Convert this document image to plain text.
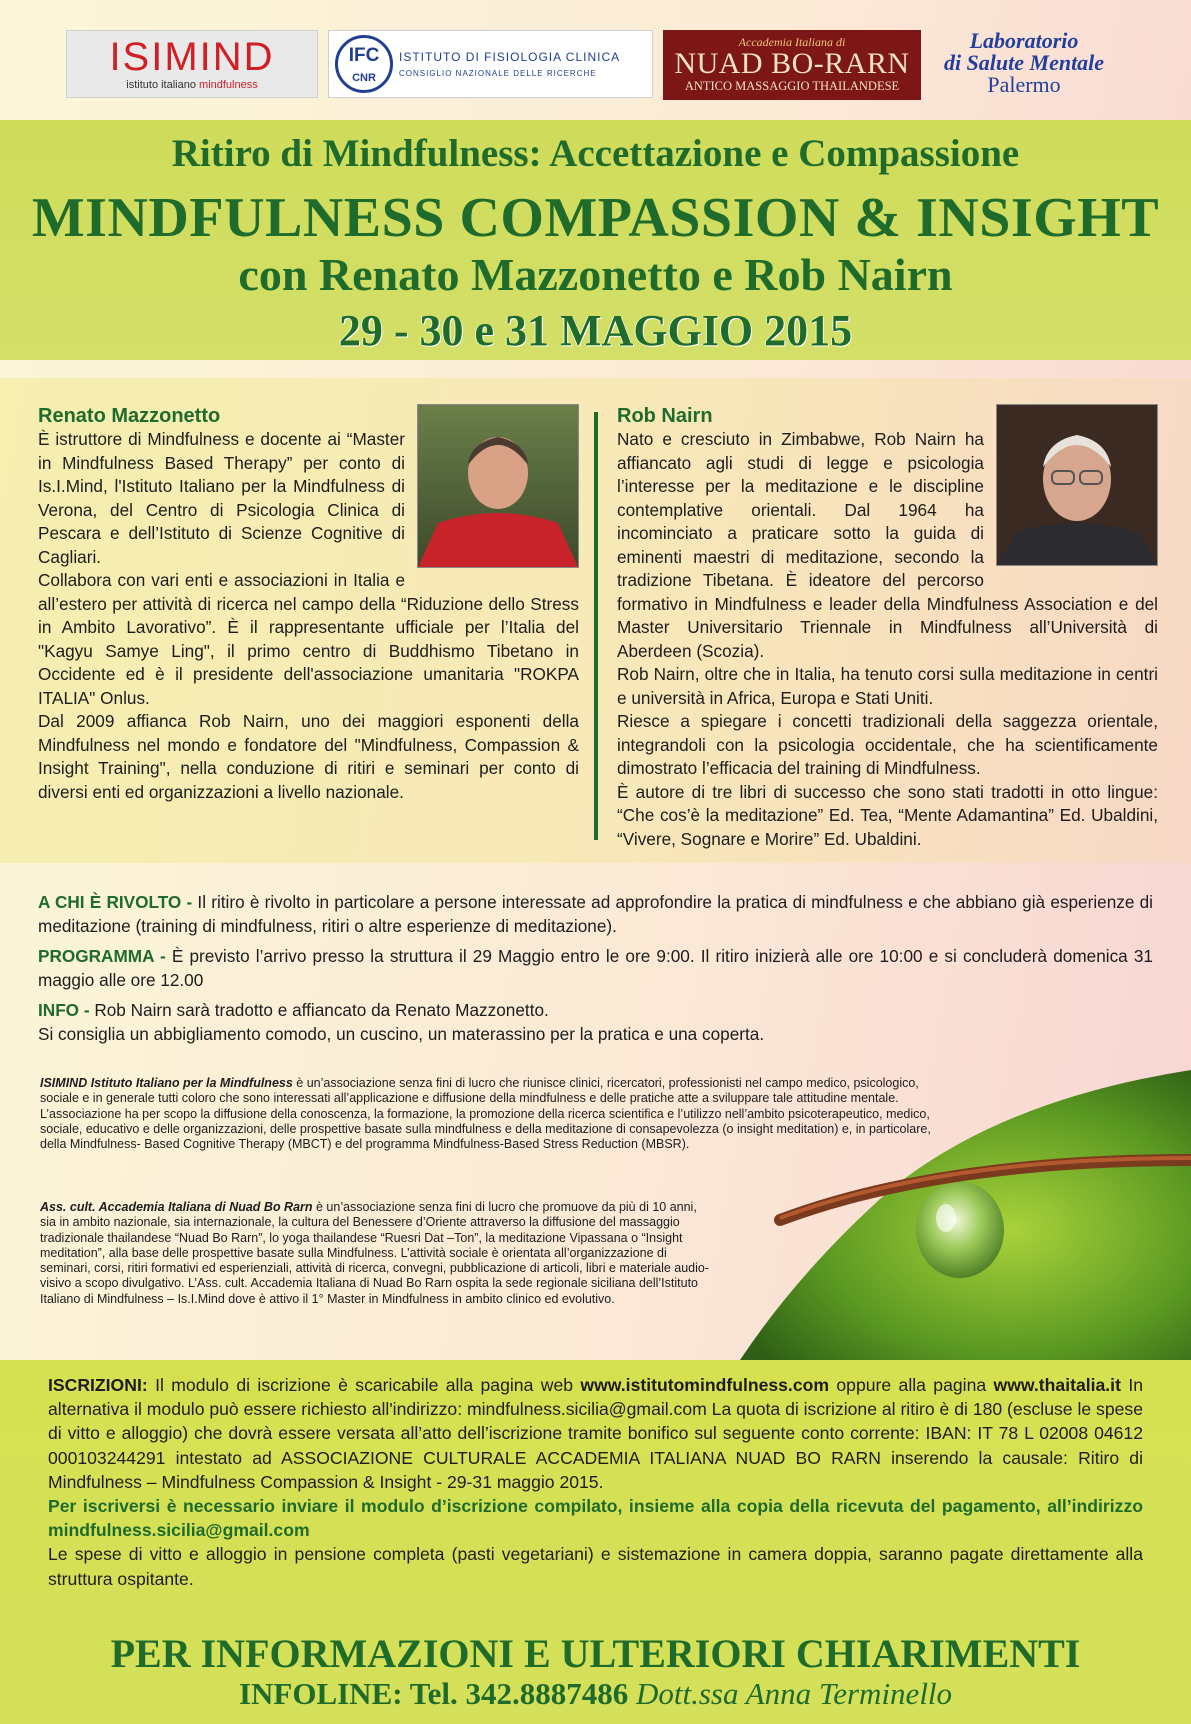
ISIMIND
istituto italiano mindfulness
IFC
CNR
ISTITUTO DI FISIOLOGIA CLINICA
CONSIGLIO NAZIONALE DELLE RICERCHE
Accademia Italiana di
NUAD BO-RARN
ANTICO MASSAGGIO THAILANDESE
Laboratorio
di Salute Mentale
Palermo
Ritiro di Mindfulness: Accettazione e Compassione
MINDFULNESS COMPASSION & INSIGHT
con Renato Mazzonetto e Rob Nairn
29 - 30 e 31 MAGGIO 2015
Renato Mazzonetto

È istruttore di Mindfulness e docente ai “Master in Mindfulness Based Therapy” per conto di Is.I.Mind, l'Istituto Italiano per la Mindfulness di Verona, del Centro di Psicologia Clinica di Pescara e dell’Istituto di Scienze Cognitive di Cagliari.

Collabora con vari enti e associazioni in Italia e all’estero per attività di ricerca nel campo della “Riduzione dello Stress in Ambito Lavorativo”. È il rappresentante ufficiale per l’Italia del "Kagyu Samye Ling", il primo centro di Buddhismo Tibetano in Occidente ed è il presidente dell'associazione umanitaria "ROKPA ITALIA" Onlus.

Dal 2009 affianca Rob Nairn, uno dei maggiori esponenti della Mindfulness nel mondo e fondatore del "Mindfulness, Compassion & Insight Training", nella conduzione di ritiri e seminari per conto di diversi enti ed organizzazioni a livello nazionale.

Rob Nairn

Nato e cresciuto in Zimbabwe, Rob Nairn ha affiancato agli studi di legge e psicologia l’interesse per la meditazione e le discipline contemplative orientali. Dal 1964 ha incominciato a praticare sotto la guida di eminenti maestri di meditazione, secondo la tradizione Tibetana. È ideatore del percorso formativo in Mindfulness e leader della Mindfulness Association e del Master Universitario Triennale in Mindfulness all’Università di Aberdeen (Scozia).

Rob Nairn, oltre che in Italia, ha tenuto corsi sulla meditazione in centri e università in Africa, Europa e Stati Uniti.

Riesce a spiegare i concetti tradizionali della saggezza orientale, integrandoli con la psicologia occidentale, che ha scientificamente dimostrato l’efficacia del training di Mindfulness.

È autore di tre libri di successo che sono stati tradotti in otto lingue: “Che cos’è la meditazione” Ed. Tea, “Mente Adamantina” Ed. Ubaldini, “Vivere, Sognare e Morire” Ed. Ubaldini.

A CHI È RIVOLTO - Il ritiro è rivolto in particolare a persone interessate ad approfondire la pratica di mindfulness e che abbiano già esperienze di meditazione (training di mindfulness, ritiri o altre esperienze di meditazione).

PROGRAMMA - È previsto l’arrivo presso la struttura il 29 Maggio entro le ore 9:00. Il ritiro inizierà alle ore 10:00 e si concluderà domenica 31 maggio alle ore 12.00

INFO - Rob Nairn sarà tradotto e affiancato da Renato Mazzonetto.

Si consiglia un abbigliamento comodo, un cuscino, un materassino per la pratica e una coperta.

ISIMIND Istituto Italiano per la Mindfulness è un’associazione senza fini di lucro che riunisce clinici, ricercatori, professionisti nel campo medico, psicologico, sociale e in generale tutti coloro che sono interessati all’applicazione e diffusione della mindfulness e delle pratiche atte a sviluppare tale attitudine mentale. L’associazione ha per scopo la diffusione della conoscenza, la formazione, la promozione della ricerca scientifica e l’utilizzo nell’ambito psicoterapeutico, medico, sociale, educativo e delle organizzazioni, delle prospettive basate sulla mindfulness e della meditazione di consapevolezza (o insight meditation) e, in particolare, della Mindfulness- Based Cognitive Therapy (MBCT) e del programma Mindfulness-Based Stress Reduction (MBSR).
Ass. cult. Accademia Italiana di Nuad Bo Rarn è un’associazione senza fini di lucro che promuove da più di 10 anni, sia in ambito nazionale, sia internazionale, la cultura del Benessere d’Oriente attraverso la diffusione del massaggio tradizionale thailandese “Nuad Bo Rarn”, lo yoga thailandese “Ruesri Dat –Ton”, la meditazione Vipassana o “Insight meditation”, alla base delle prospettive basate sulla Mindfulness. L’attività sociale è orientata all’organizzazione di seminari, corsi, ritiri formativi ed esperienziali, attività di ricerca, convegni, pubblicazione di articoli, libri e materiale audio-visivo a scopo divulgativo. L’Ass. cult. Accademia Italiana di Nuad Bo Rarn ospita la sede regionale siciliana dell’Istituto Italiano di Mindfulness – Is.I.Mind dove è attivo il 1° Master in Mindfulness in ambito clinico ed evolutivo.

ISCRIZIONI: Il modulo di iscrizione è scaricabile alla pagina web www.istitutomindfulness.com oppure alla pagina www.thaitalia.it In alternativa il modulo può essere richiesto all'indirizzo: mindfulness.sicilia@gmail.com La quota di iscrizione al ritiro è di 180 (escluse le spese di vitto e alloggio) che dovrà essere versata all’atto dell’iscrizione tramite bonifico sul seguente conto corrente: IBAN: IT 78 L 02008 04612 000103244291 intestato ad ASSOCIAZIONE CULTURALE ACCADEMIA ITALIANA NUAD BO RARN inserendo la causale: Ritiro di Mindfulness – Mindfulness Compassion & Insight - 29-31 maggio 2015.

Per iscriversi è necessario inviare il modulo d’iscrizione compilato, insieme alla copia della ricevuta del pagamento, all’indirizzo mindfulness.sicilia@gmail.com

Le spese di vitto e alloggio in pensione completa (pasti vegetariani) e sistemazione in camera doppia, saranno pagate direttamente alla struttura ospitante.

PER INFORMAZIONI E ULTERIORI CHIARIMENTI
INFOLINE: Tel. 342.8887486 Dott.ssa Anna Terminello
